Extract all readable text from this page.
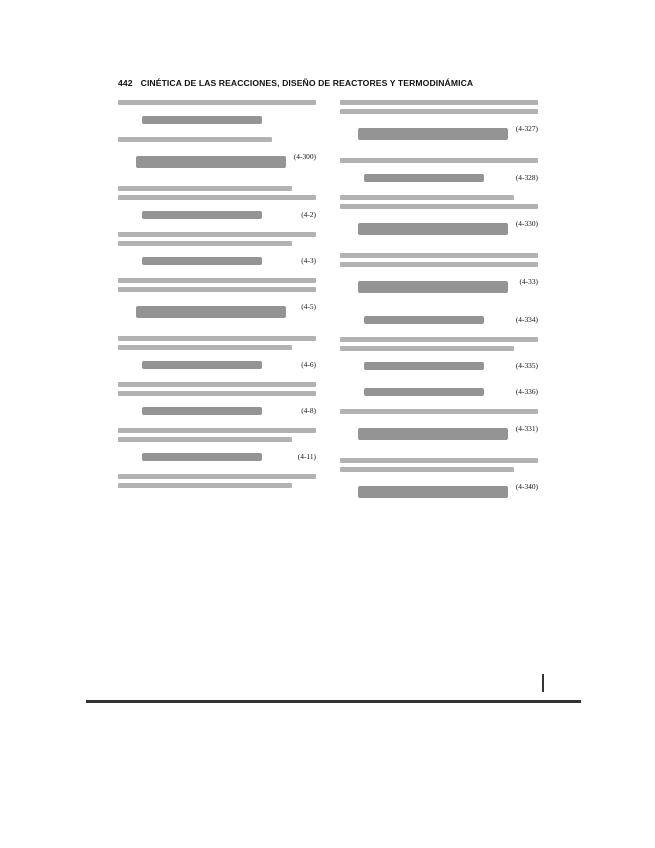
442 CINÉTICA DE LAS REACCIONES, DISEÑO DE REACTORES Y TERMODINÁMICA
(4-300)
(4-2)
(4-3)
(4-5)
(4-6)
(4-8)
(4-11)
(4-327)
(4-328)
(4-330)
(4-33)
(4-334)
(4-335)
(4-336)
(4-331)
(4-340)
